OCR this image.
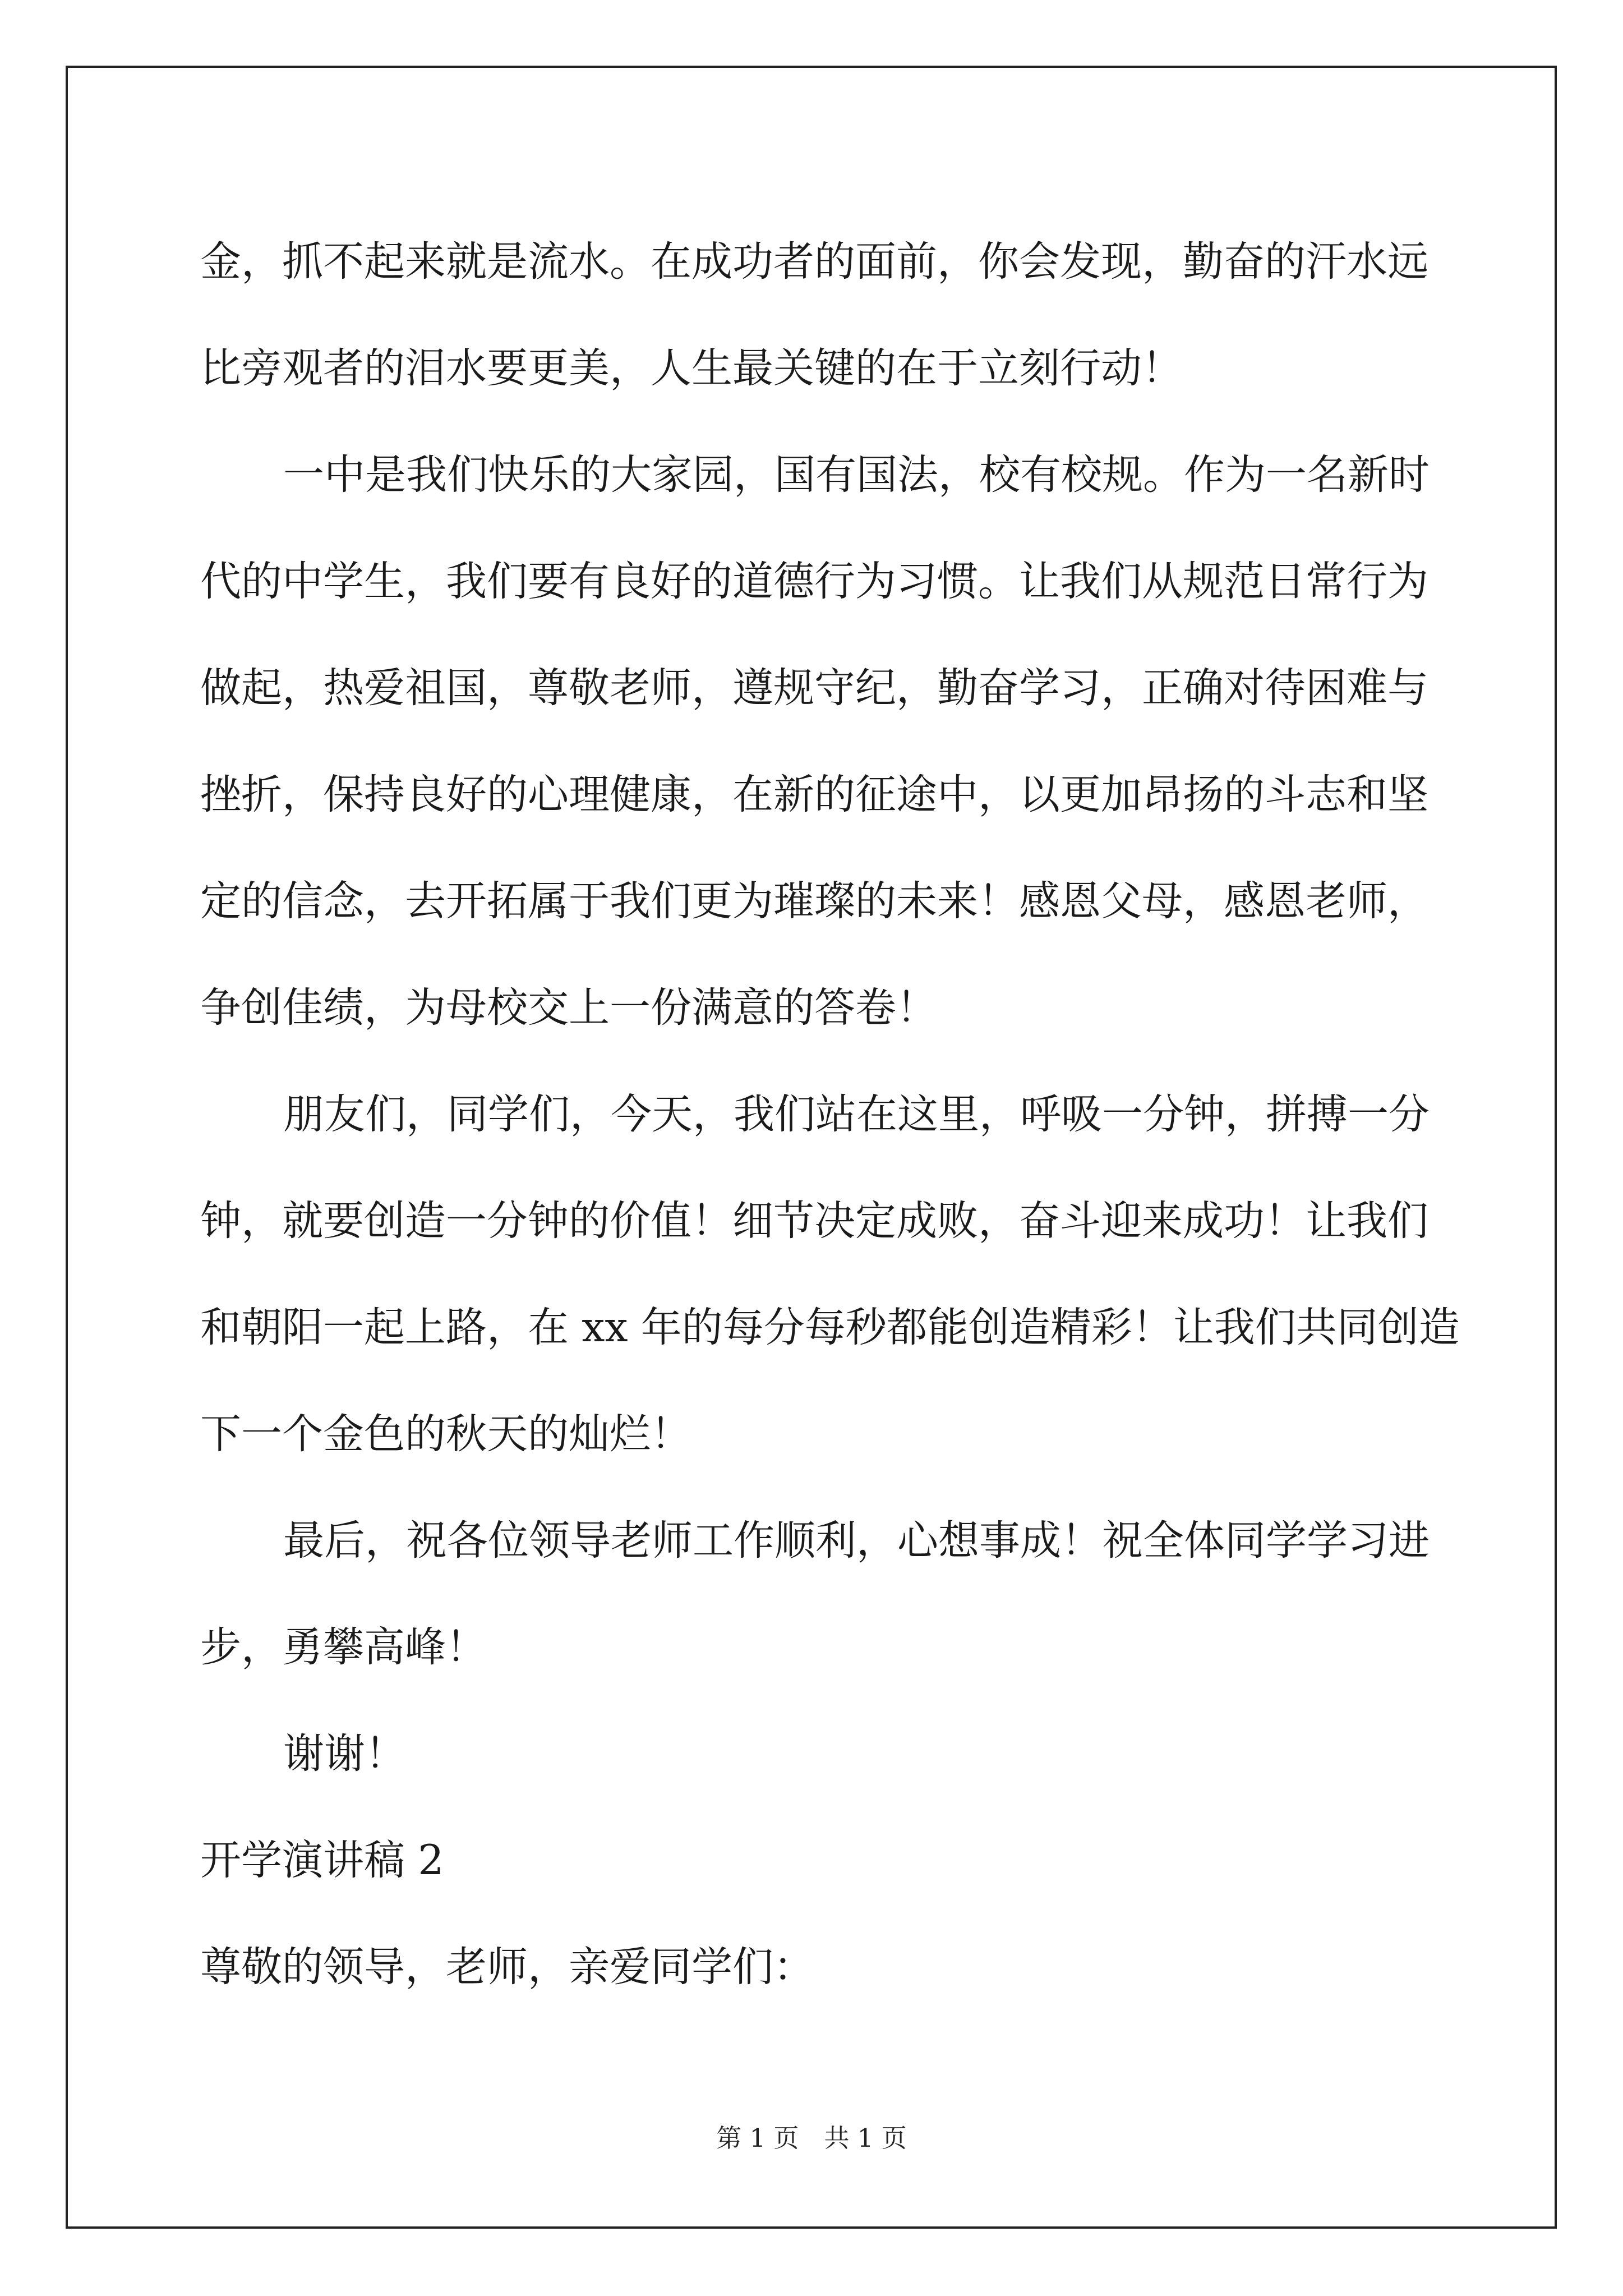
金，抓不起来就是流水。在成功者的面前，你会发现，勤奋的汗水远
比旁观者的泪水要更美，人生最关键的在于立刻行动！
一中是我们快乐的大家园，国有国法，校有校规。作为一名新时
代的中学生，我们要有良好的道德行为习惯。让我们从规范日常行为
做起，热爱祖国，尊敬老师，遵规守纪，勤奋学习，正确对待困难与
挫折，保持良好的心理健康，在新的征途中，以更加昂扬的斗志和坚
定的信念，去开拓属于我们更为璀璨的未来！感恩父母，感恩老师，
争创佳绩，为母校交上一份满意的答卷！
朋友们，同学们，今天，我们站在这里，呼吸一分钟，拼搏一分
钟，就要创造一分钟的价值！细节决定成败，奋斗迎来成功！让我们
和朝阳一起上路，在 xx 年的每分每秒都能创造精彩！让我们共同创造
下一个金色的秋天的灿烂！
最后，祝各位领导老师工作顺利，心想事成！祝全体同学学习进
步，勇攀高峰！
谢谢！
开学演讲稿 2
尊敬的领导，老师，亲爱同学们：
第 1 页　共 1 页
